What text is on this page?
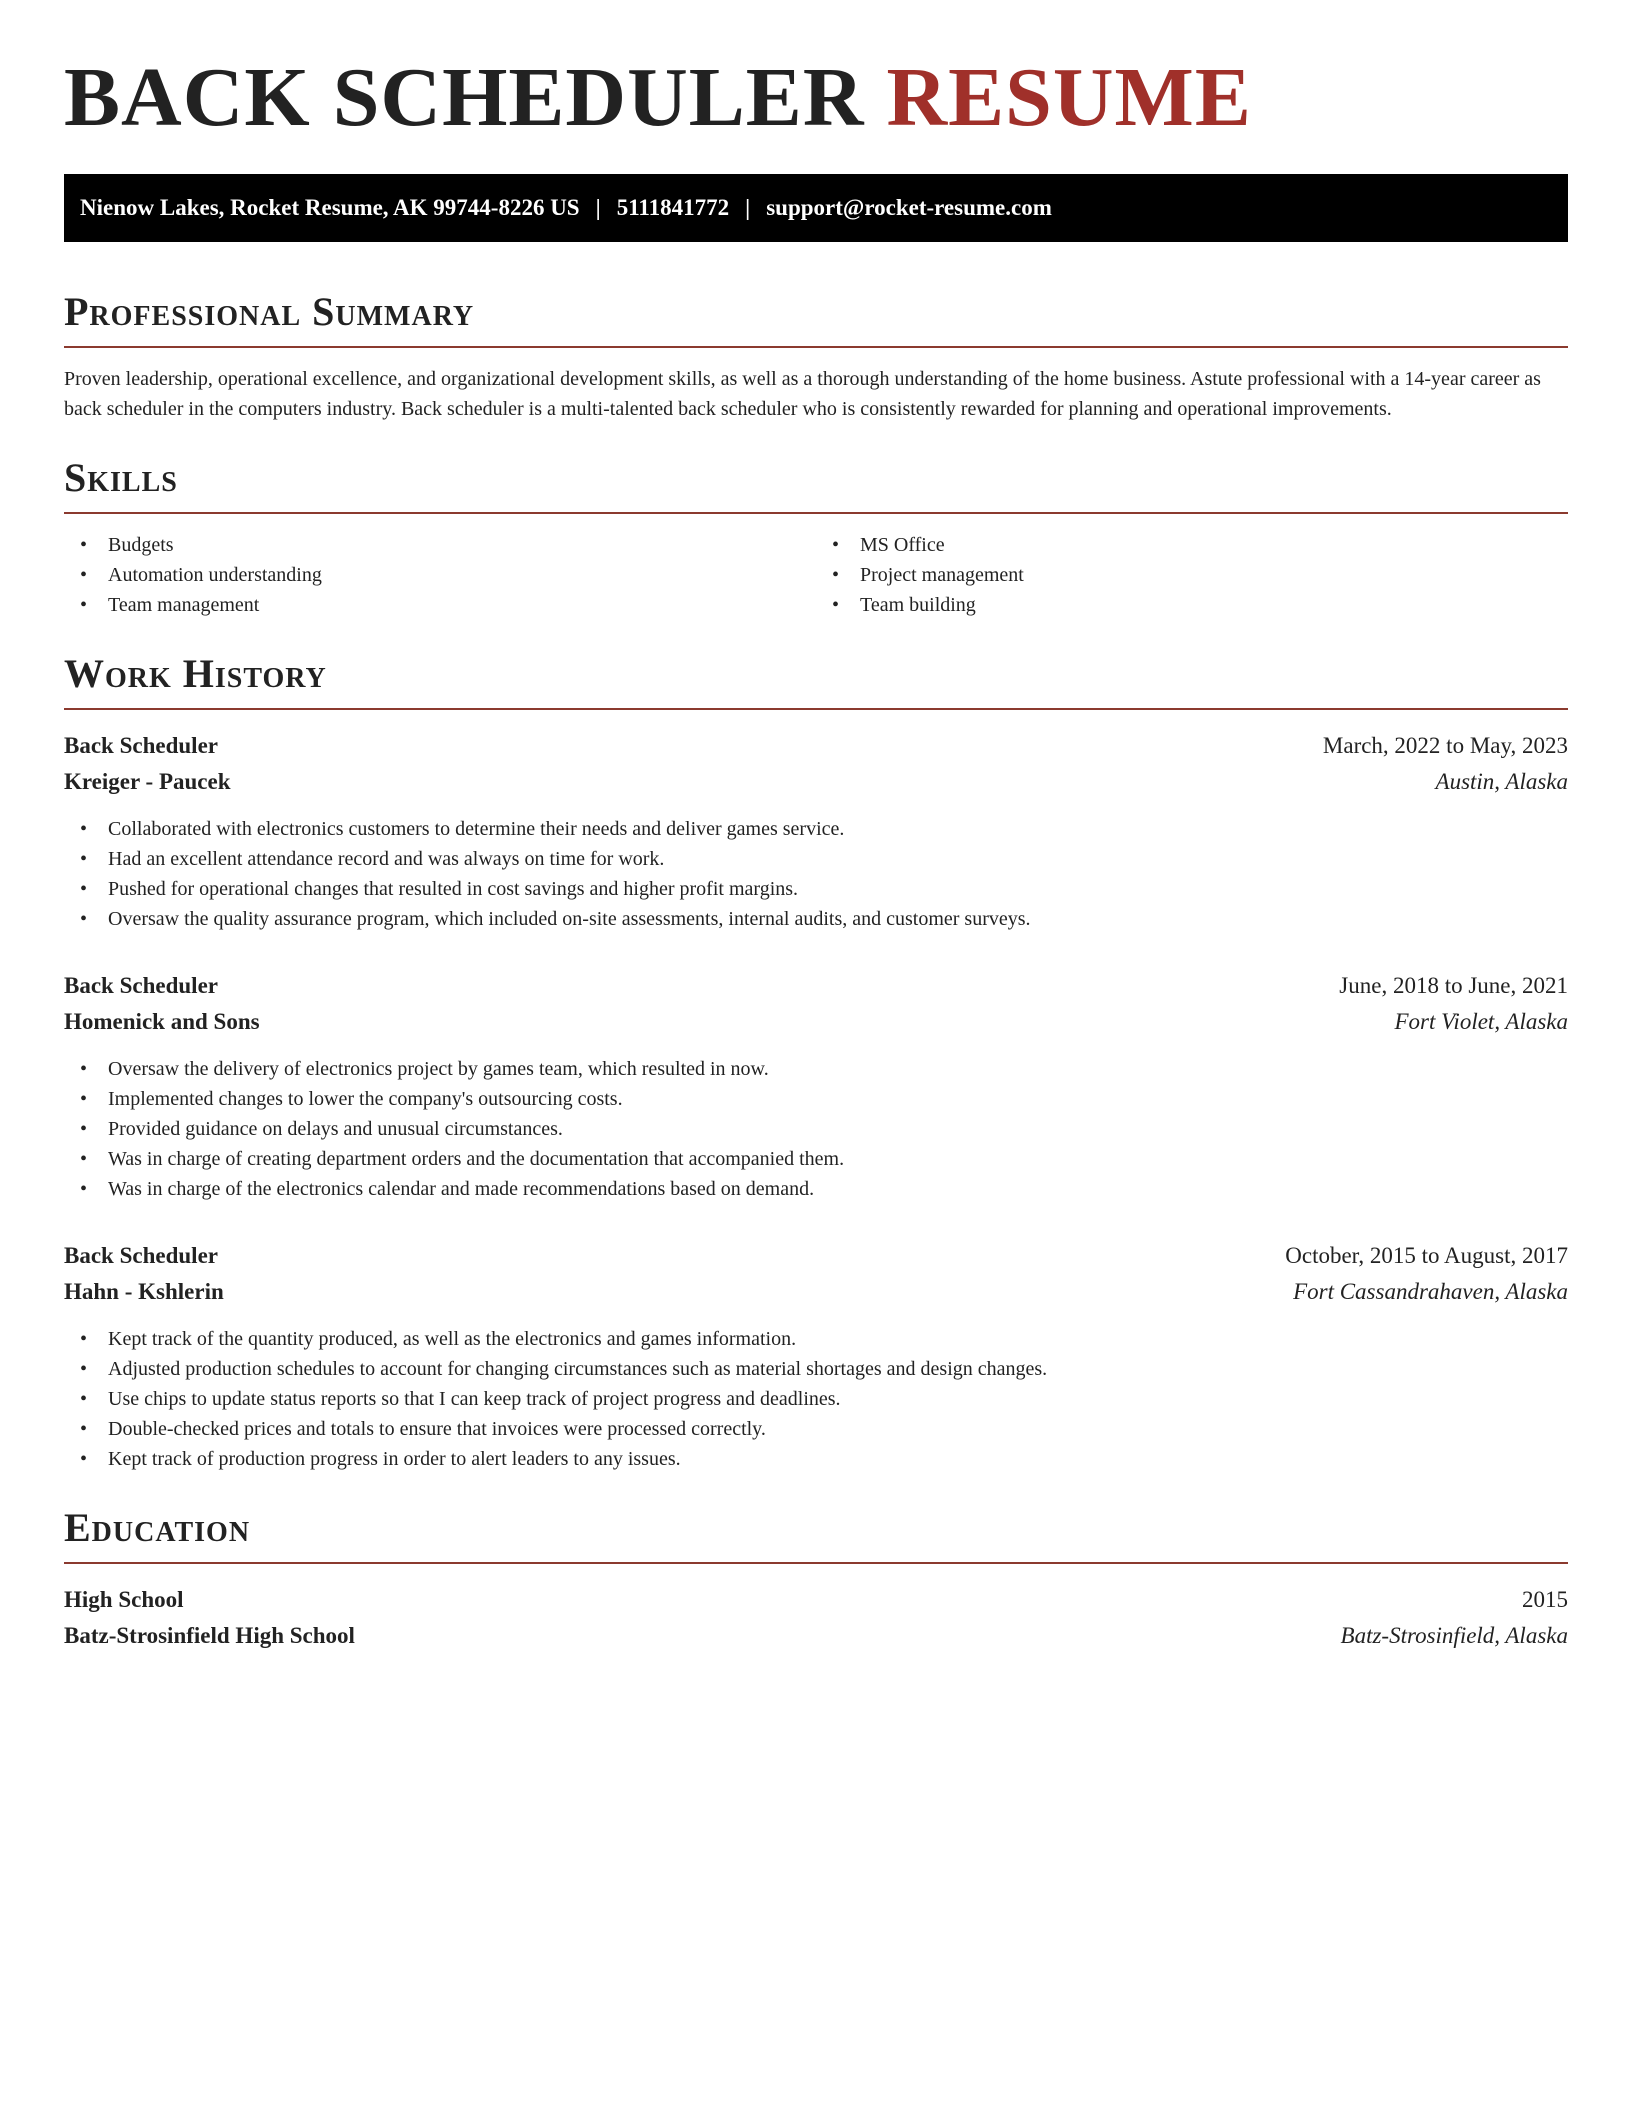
BACK SCHEDULER RESUME
Nienow Lakes, Rocket Resume, AK 99744-8226 US | 5111841772 | support@rocket-resume.com
Professional Summary

Proven leadership, operational excellence, and organizational development skills, as well as a thorough understanding of the home business. Astute professional with a 14-year career as back scheduler in the computers industry. Back scheduler is a multi-talented back scheduler who is consistently rewarded for planning and operational improvements.

Skills
• Budgets
• Automation understanding
• Team management
• MS Office
• Project management
• Team building
Work History
Back Scheduler	March, 2022 to May, 2023
Kreiger - Paucek	Austin, Alaska
• Collaborated with electronics customers to determine their needs and deliver games service.
• Had an excellent attendance record and was always on time for work.
• Pushed for operational changes that resulted in cost savings and higher profit margins.
• Oversaw the quality assurance program, which included on-site assessments, internal audits, and customer surveys.
Back Scheduler	June, 2018 to June, 2021
Homenick and Sons	Fort Violet, Alaska
• Oversaw the delivery of electronics project by games team, which resulted in now.
• Implemented changes to lower the company's outsourcing costs.
• Provided guidance on delays and unusual circumstances.
• Was in charge of creating department orders and the documentation that accompanied them.
• Was in charge of the electronics calendar and made recommendations based on demand.
Back Scheduler	October, 2015 to August, 2017
Hahn - Kshlerin	Fort Cassandrahaven, Alaska
• Kept track of the quantity produced, as well as the electronics and games information.
• Adjusted production schedules to account for changing circumstances such as material shortages and design changes.
• Use chips to update status reports so that I can keep track of project progress and deadlines.
• Double-checked prices and totals to ensure that invoices were processed correctly.
• Kept track of production progress in order to alert leaders to any issues.
Education
High School	2015
Batz-Strosinfield High School	Batz-Strosinfield, Alaska
